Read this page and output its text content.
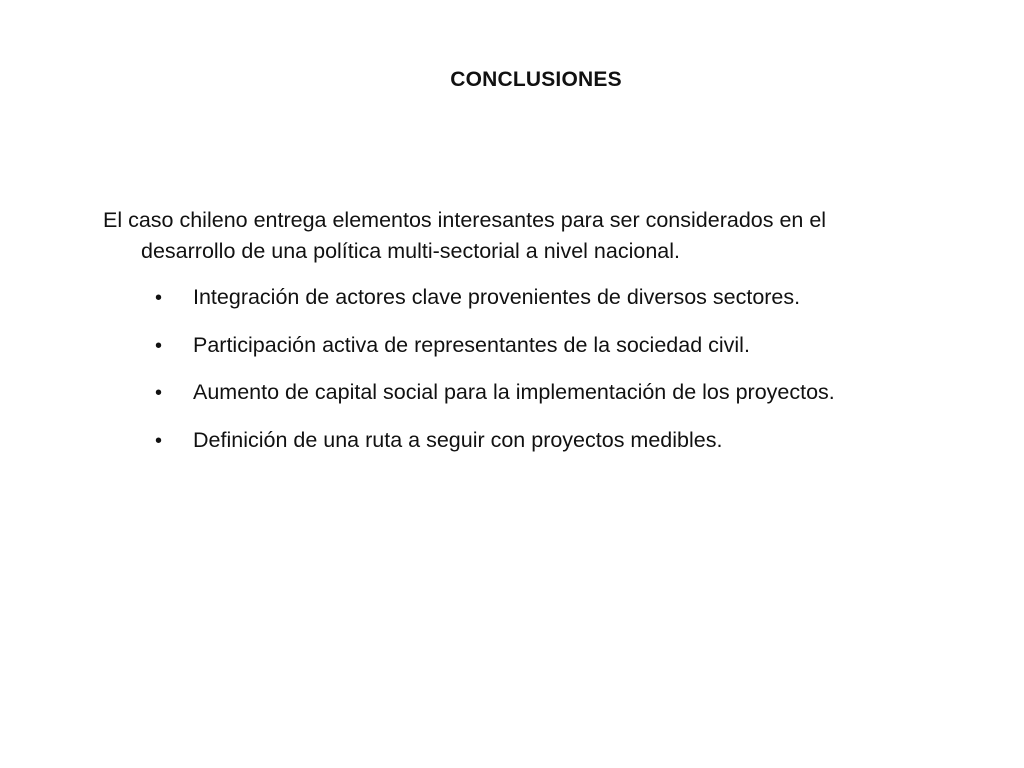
CONCLUSIONES
El caso chileno entrega elementos interesantes para ser considerados en el desarrollo de una política multi-sectorial a nivel nacional.
•	Integración de actores clave provenientes de diversos sectores.
•	Participación activa de representantes de la sociedad civil.
•	Aumento de capital social para la implementación de los proyectos.
•	Definición de una ruta a seguir con proyectos medibles.
